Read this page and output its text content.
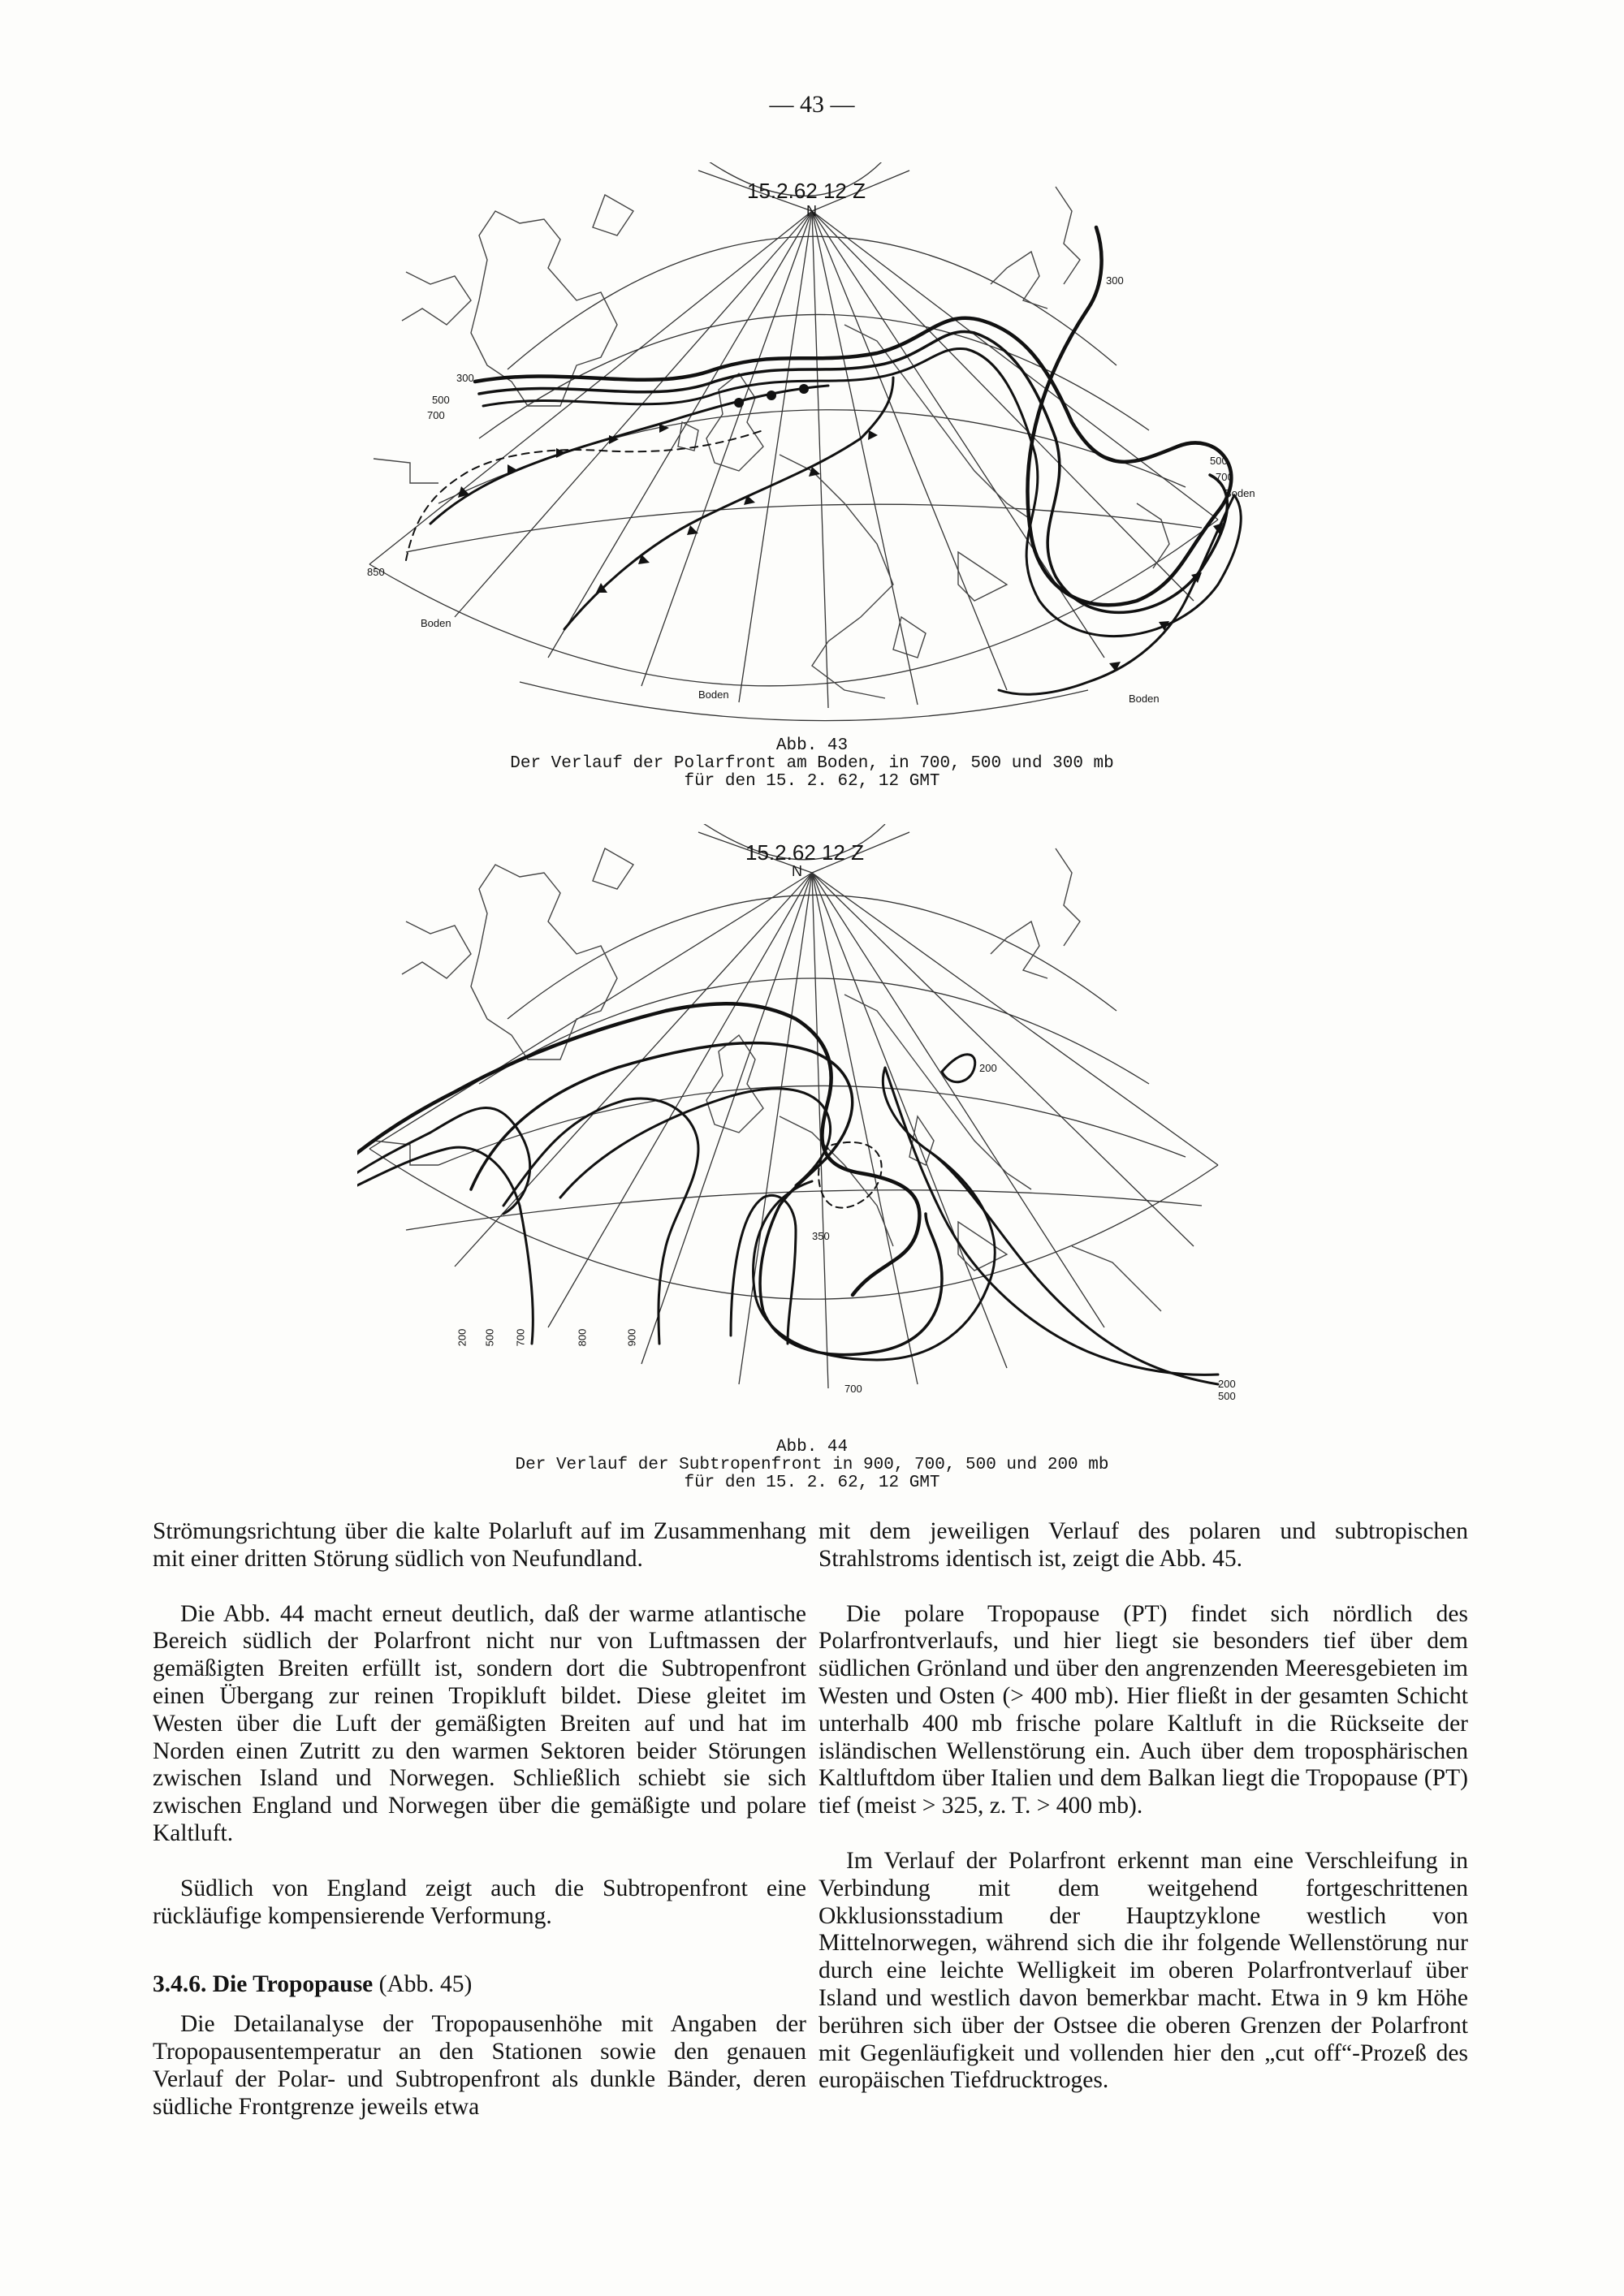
— 43 —
15.2.62 12 Z
N
300
500
700
850
Boden
Boden	Boden
300
500
700
Boden
Abb. 43
Der Verlauf der Polarfront am Boden, in 700, 500 und 300 mb
für den 15. 2. 62, 12 GMT
15.2.62 12 Z
N
200 500 700	800	900
350
200
700	200
500
Abb. 44
Der Verlauf der Subtropenfront in 900, 700, 500 und 200 mb
für den 15. 2. 62, 12 GMT

Strömungsrichtung über die kalte Polarluft auf im Zusammenhang mit einer dritten Störung südlich von Neufundland.

Die Abb. 44 macht erneut deutlich, daß der warme atlantische Bereich südlich der Polarfront nicht nur von Luftmassen der gemäßigten Breiten erfüllt ist, sondern dort die Subtropenfront einen Übergang zur reinen Tropikluft bildet. Diese gleitet im Westen über die Luft der gemäßigten Breiten auf und hat im Norden einen Zutritt zu den warmen Sektoren beider Störungen zwischen Island und Norwegen. Schließlich schiebt sie sich zwischen England und Norwegen über die gemäßigte und polare Kaltluft.

Südlich von England zeigt auch die Subtropenfront eine rückläufige kompensierende Verformung.

3.4.6. Die Tropopause (Abb. 45)

Die Detailanalyse der Tropopausenhöhe mit Angaben der Tropopausentemperatur an den Stationen sowie den genauen Verlauf der Polar- und Subtropenfront als dunkle Bänder, deren südliche Frontgrenze jeweils etwa

mit dem jeweiligen Verlauf des polaren und subtropischen Strahlstroms identisch ist, zeigt die Abb. 45.

Die polare Tropopause (PT) findet sich nördlich des Polarfrontverlaufs, und hier liegt sie besonders tief über dem südlichen Grönland und über den angrenzenden Meeresgebieten im Westen und Osten (> 400 mb). Hier fließt in der gesamten Schicht unterhalb 400 mb frische polare Kaltluft in die Rückseite der isländischen Wellenstörung ein. Auch über dem troposphärischen Kaltluftdom über Italien und dem Balkan liegt die Tropopause (PT) tief (meist > 325, z. T. > 400 mb).

Im Verlauf der Polarfront erkennt man eine Verschleifung in Verbindung mit dem weitgehend fortgeschrittenen Okklusionsstadium der Hauptzyklone westlich von Mittelnorwegen, während sich die ihr folgende Wellenstörung nur durch eine leichte Welligkeit im oberen Polarfrontverlauf über Island und westlich davon bemerkbar macht. Etwa in 9 km Höhe berühren sich über der Ostsee die oberen Grenzen der Polarfront mit Gegenläufigkeit und vollenden hier den „cut off“-Prozeß des europäischen Tiefdrucktroges.
